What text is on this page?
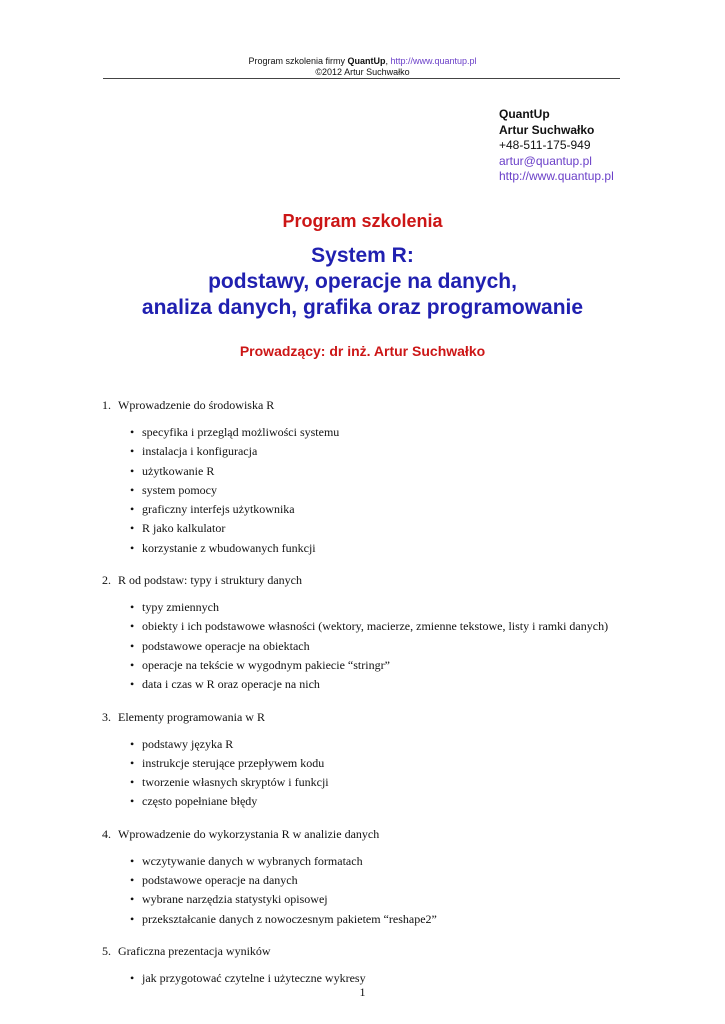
Program szkolenia firmy QuantUp, http://www.quantup.pl
©2012 Artur Suchwałko
QuantUp
Artur Suchwałko
+48-511-175-949
artur@quantup.pl
http://www.quantup.pl
Program szkolenia
System R:
podstawy, operacje na danych,
analiza danych, grafika oraz programowanie
Prowadzący: dr inż. Artur Suchwałko
1. Wprowadzenie do środowiska R
• specyfika i przegląd możliwości systemu
• instalacja i konfiguracja
• użytkowanie R
• system pomocy
• graficzny interfejs użytkownika
• R jako kalkulator
• korzystanie z wbudowanych funkcji
2. R od podstaw: typy i struktury danych
• typy zmiennych
• obiekty i ich podstawowe własności (wektory, macierze, zmienne tekstowe, listy i ramki danych)
• podstawowe operacje na obiektach
• operacje na tekście w wygodnym pakiecie “stringr”
• data i czas w R oraz operacje na nich
3. Elementy programowania w R
• podstawy języka R
• instrukcje sterujące przepływem kodu
• tworzenie własnych skryptów i funkcji
• często popełniane błędy
4. Wprowadzenie do wykorzystania R w analizie danych
• wczytywanie danych w wybranych formatach
• podstawowe operacje na danych
• wybrane narzędzia statystyki opisowej
• przekształcanie danych z nowoczesnym pakietem “reshape2”
5. Graficzna prezentacja wyników
• jak przygotować czytelne i użyteczne wykresy
1
